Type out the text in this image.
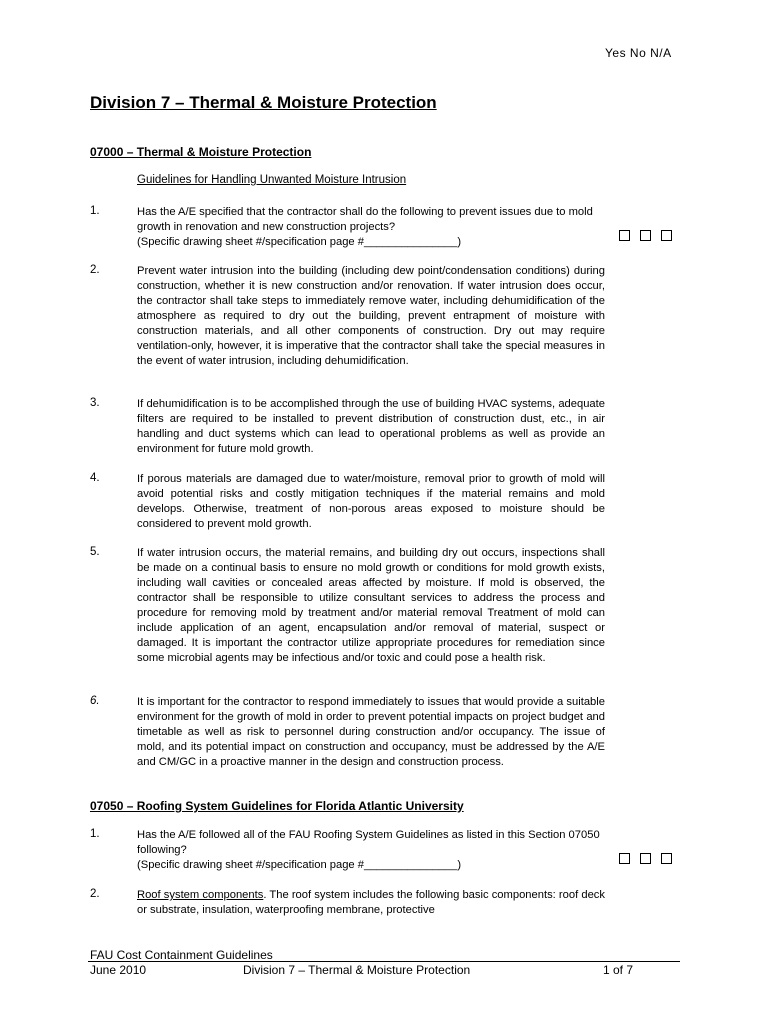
Yes No N/A
Division 7 – Thermal & Moisture Protection
07000 – Thermal & Moisture Protection
Guidelines for Handling Unwanted Moisture Intrusion
1.	Has the A/E specified that the contractor shall do the following to prevent issues due to mold growth in renovation and new construction projects?
(Specific drawing sheet #/specification page #_______________)
2.	Prevent water intrusion into the building (including dew point/condensation conditions) during construction, whether it is new construction and/or renovation. If water intrusion does occur, the contractor shall take steps to immediately remove water, including dehumidification of the atmosphere as required to dry out the building, prevent entrapment of moisture with construction materials, and all other components of construction. Dry out may require ventilation-only, however, it is imperative that the contractor shall take the special measures in the event of water intrusion, including dehumidification.
3.	If dehumidification is to be accomplished through the use of building HVAC systems, adequate filters are required to be installed to prevent distribution of construction dust, etc., in air handling and duct systems which can lead to operational problems as well as provide an environment for future mold growth.
4.	If porous materials are damaged due to water/moisture, removal prior to growth of mold will avoid potential risks and costly mitigation techniques if the material remains and mold develops. Otherwise, treatment of non-porous areas exposed to moisture should be considered to prevent mold growth.
5.	If water intrusion occurs, the material remains, and building dry out occurs, inspections shall be made on a continual basis to ensure no mold growth or conditions for mold growth exists, including wall cavities or concealed areas affected by moisture. If mold is observed, the contractor shall be responsible to utilize consultant services to address the process and procedure for removing mold by treatment and/or material removal Treatment of mold can include application of an agent, encapsulation and/or removal of material, suspect or damaged. It is important the contractor utilize appropriate procedures for remediation since some microbial agents may be infectious and/or toxic and could pose a health risk.
6.	It is important for the contractor to respond immediately to issues that would provide a suitable environment for the growth of mold in order to prevent potential impacts on project budget and timetable as well as risk to personnel during construction and/or occupancy. The issue of mold, and its potential impact on construction and occupancy, must be addressed by the A/E and CM/GC in a proactive manner in the design and construction process.
07050 – Roofing System Guidelines for Florida Atlantic University
1.	Has the A/E followed all of the FAU Roofing System Guidelines as listed in this Section 07050 following?
(Specific drawing sheet #/specification page #_______________)
2.	Roof system components. The roof system includes the following basic components: roof deck or substrate, insulation, waterproofing membrane, protective
FAU Cost Containment Guidelines
June 2010	Division 7 – Thermal & Moisture Protection	1 of 7
